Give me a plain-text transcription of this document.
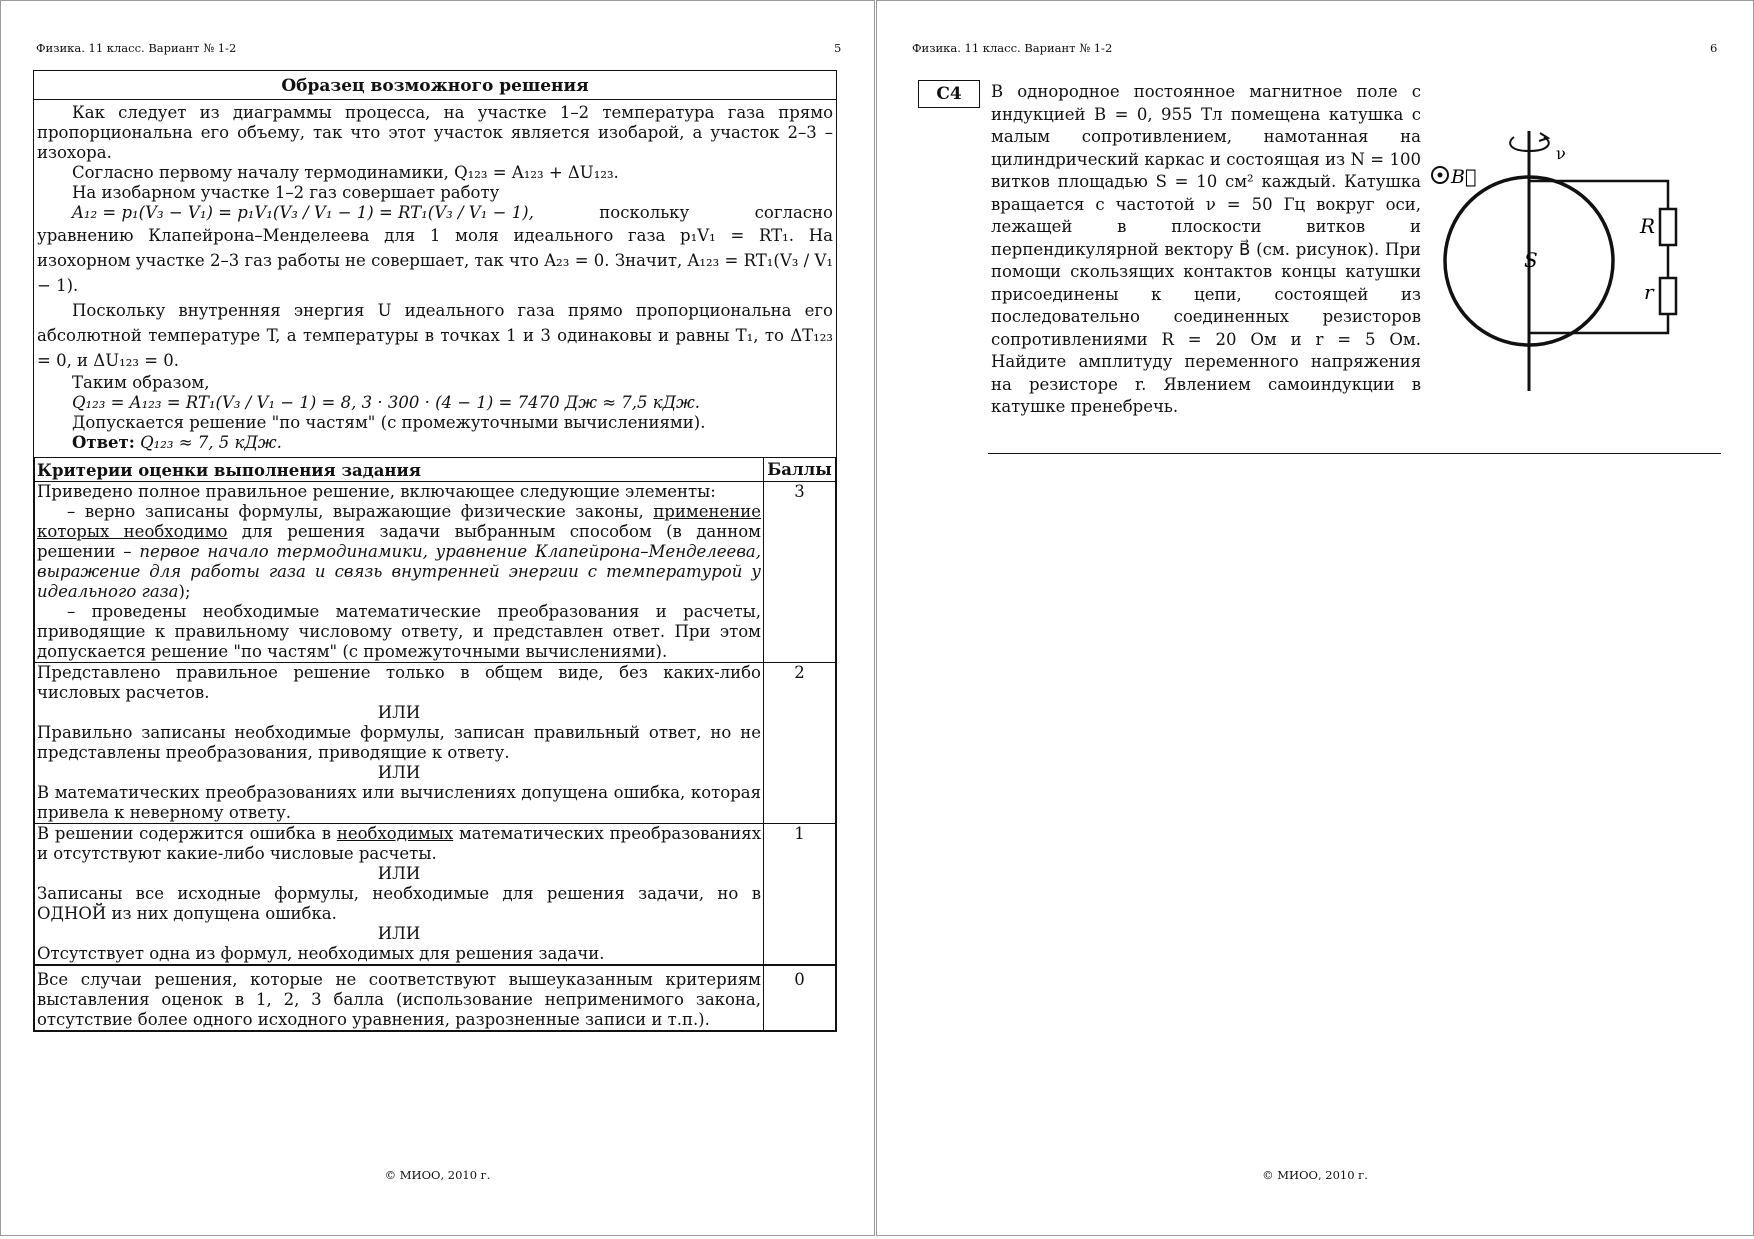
Физика. 11 класс. Вариант № 1-2	5
Образец возможного решения

Как следует из диаграммы процесса, на участке 1–2 температура газа прямо пропорциональна его объему, так что этот участок является изобарой, а участок 2–3 – изохора.

Согласно первому началу термодинамики, Q₁₂₃ = A₁₂₃ + ΔU₁₂₃.

На изобарном участке 1–2 газ совершает работу

A₁₂ = p₁(V₃ − V₁) = p₁V₁(V₃ / V₁ − 1) = RT₁(V₃ / V₁ − 1),	поскольку	согласно

уравнению Клапейрона–Менделеева для 1 моля идеального газа p₁V₁ = RT₁. На изохорном участке 2–3 газ работы не совершает, так что A₂₃ = 0. Значит, A₁₂₃ = RT₁(V₃ / V₁ − 1).

Поскольку внутренняя энергия U идеального газа прямо пропорциональна его абсолютной температуре T, а температуры в точках 1 и 3 одинаковы и равны T₁, то ΔT₁₂₃ = 0, и ΔU₁₂₃ = 0.

Таким образом,

Q₁₂₃ = A₁₂₃ = RT₁(V₃ / V₁ − 1) = 8, 3 · 300 · (4 − 1) = 7470 Дж ≈ 7,5 кДж.

Допускается решение "по частям" (с промежуточными вычислениями).

Ответ: Q₁₂₃ ≈ 7, 5 кДж.

Критерии оценки выполнения задания	Баллы

Приведено полное правильное решение, включающее следующие элементы:

– верно записаны формулы, выражающие физические законы, применение которых необходимо для решения задачи выбранным способом (в данном решении – первое начало термодинамики, уравнение Клапейрона–Менделеева, выражение для работы газа и связь внутренней энергии с температурой у идеального газа);

– проведены необходимые математические преобразования и расчеты, приводящие к правильному числовому ответу, и представлен ответ. При этом допускается решение "по частям" (с промежуточными вычислениями).	3

Представлено правильное решение только в общем виде, без каких-либо числовых расчетов.

ИЛИ

Правильно записаны необходимые формулы, записан правильный ответ, но не представлены преобразования, приводящие к ответу.

ИЛИ

В математических преобразованиях или вычислениях допущена ошибка, которая привела к неверному ответу.	2

В решении содержится ошибка в необходимых математических преобразованиях и отсутствуют какие-либо числовые расчеты.

ИЛИ

Записаны все исходные формулы, необходимые для решения задачи, но в ОДНОЙ из них допущена ошибка.

ИЛИ

Отсутствует одна из формул, необходимых для решения задачи.	1
Все случаи решения, которые не соответствуют вышеуказанным критериям выставления оценок в 1, 2, 3 балла (использование неприменимого закона, отсутствие более одного исходного уравнения, разрозненные записи и т.п.).	0
© МИОО, 2010 г.
Физика. 11 класс. Вариант № 1-2	6
С4	В однородное постоянное магнитное поле с индукцией B = 0, 955 Тл помещена катушка с малым сопротивлением, намотанная на цилиндрический каркас и состоящая из N = 100 витков площадью S = 10 см² каждый. Катушка вращается с частотой ν = 50 Гц вокруг оси, лежащей в плоскости витков и перпендикулярной вектору B⃗ (см. рисунок). При помощи скользящих контактов концы катушки присоединены к цепи, состоящей из последовательно соединенных резисторов сопротивлениями R = 20 Ом и r = 5 Ом. Найдите амплитуду переменного напряжения на резисторе r. Явлением самоиндукции в катушке пренебречь.
ν
B⃗
R
r
S
© МИОО, 2010 г.
